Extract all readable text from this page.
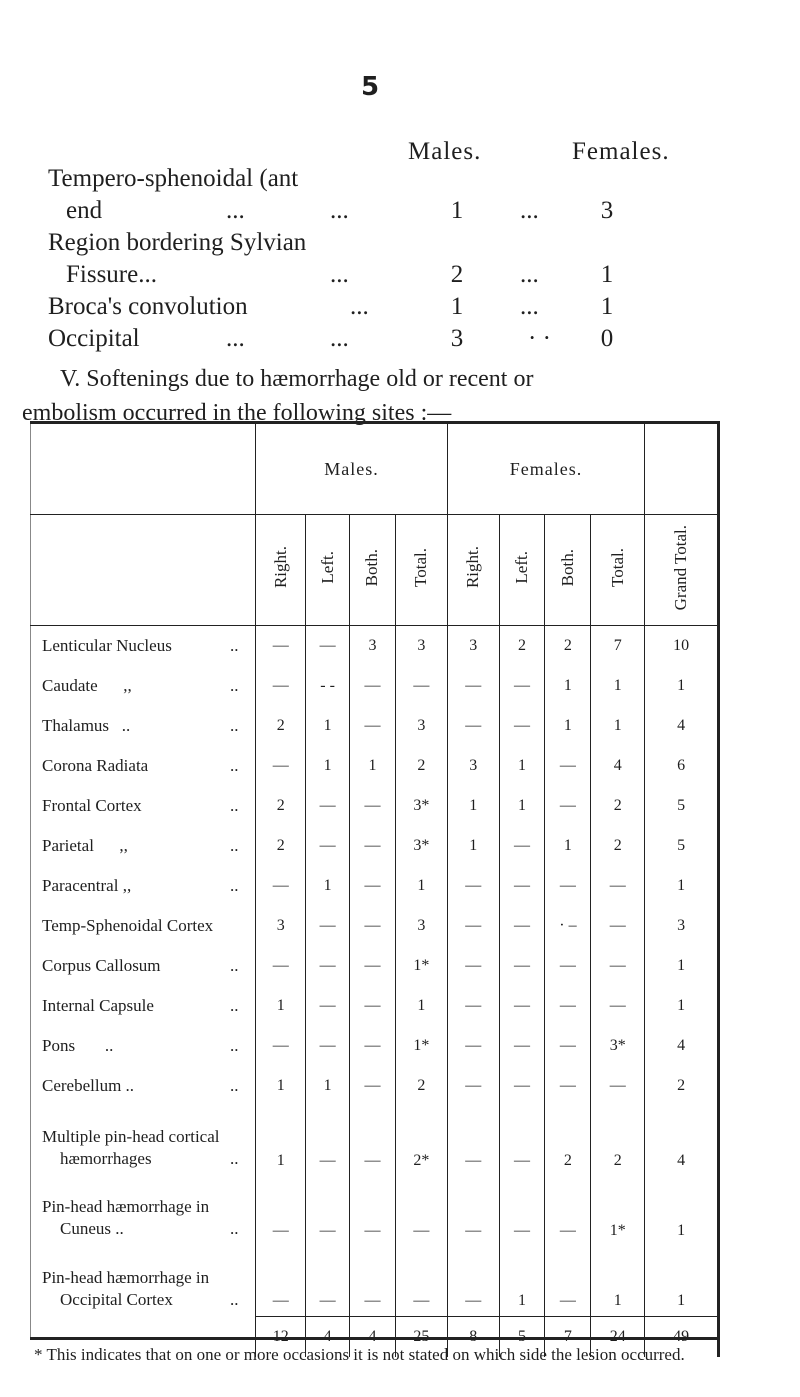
5
Males.	Females.
Tempero-sphenoidal (ant
end	...	...	1	...	3
Region bordering Sylvian
Fissure...	...	2	...	1
Broca's convolution	...	1	...	1
Occipital	...	...	3	· ·	0
V. Softenings due to hæmorrhage old or recent or
embolism occurred in the following sites :—
	Males.				Females.				
	Right.	Left.	Both.	Total.	Right.	Left.	Both.	Total.	Grand Total.
Lenticular Nucleus ..	—	—	3	3	3	2	2	7	10
Caudate      ,, ..	—	- -	—	—	—	—	1	1	1
Thalamus   .. ..	2	1	—	3	—	—	1	1	4
Corona Radiata ..	—	1	1	2	3	1	—	4	6
Frontal Cortex ..	2	—	—	3*	1	1	—	2	5
Parietal      ,, ..	2	—	—	3*	1	—	1	2	5
Paracentral ,, ..	—	1	—	1	—	—	—	—	1
Temp-Sphenoidal Cortex	3	—	—	3	—	—	· –	—	3
Corpus Callosum ..	—	—	—	1*	—	—	—	—	1
Internal Capsule ..	1	—	—	1	—	—	—	—	1
Pons       .. ..	—	—	—	1*	—	—	—	3*	4
Cerebellum .. ..	1	1	—	2	—	—	—	—	2

Multiple pin-head cortical
hæmorrhages ..	1	—	—	2*	—	—	2	2	4

Pin-head hæmorrhage in
Cuneus .. ..	—	—	—	—	—	—	—	1*	1

Pin-head hæmorrhage in
Occipital Cortex ..	—	—	—	—	—	1	—	1	1
	12	4	4	25	8	5	7	24	49
* This indicates that on one or more occasions it is not stated on which side the lesion occurred.
